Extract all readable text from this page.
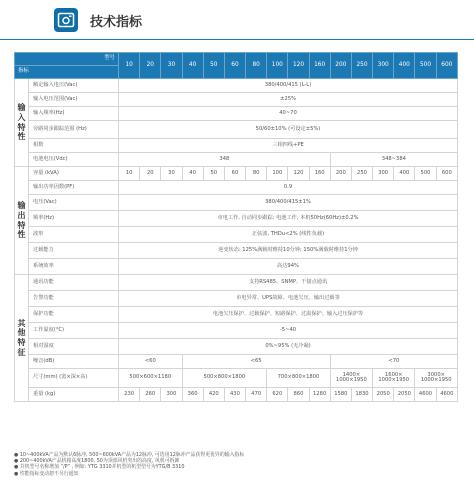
技术指标
型号		10	20	30	40	50	60	80	100	120	160	200	250	300	400	500	600
指标																	
输入特性	额定输入电压(Vac)	380/400/415 (L-L)															
	输入电压范围(Vac)	±25%															
	输入频率(Hz)	40~70															
	旁路同步跟踪范围 (Hz)	50/60±10% (可设定±5%)															
	相数	三相四线+PE															
	电池电压(Vdc)	348										348~384					
输出特性	容量 (kVA)	10	20	30	40	50	60	80	100	120	160	200	250	300	400	500	600
	输出功率因数(PF)	0.9															
	电压(Vac)	380/400/415±1%															
	频率(Hz)	市电工作, 自动同步跟踪; 电池工作, 本机50Hz(60Hz)±0.2%															
	波形	正弦波, THDu<2% (线性负载)															
	过载能力	逆变状态: 125%满载时维持10分钟; 150%满载时维持1分钟															
	系统效率	高达94%															
其他特征	通讯功能	支持RS485、SNMP、干接点通讯															
	告警功能	市电异常、UPS故障、电池欠压、输出过载等															
	保护功能	电池欠压保护、过载保护、短路保护、过温保护、输入过压保护等															
	工作温度(°C)	-5~40															
	相对湿度	0%~95% (无冷凝)															
	噪音(dB)	<60			<65							<70					
	尺寸(mm) (宽×深×高)	500×600×1180			500×800×1800				700×800×1800			1400× 1000×1950		1600× 1000×1950		3000× 1000×1950	
	重量 (kg)	230	260	300	360	420	430	470	620	860	1280	1580	1830	2050	2050	4600	4600
● 10~400kVA产品为默认6脉冲, 500~600kVA产品为12脉冲, 可选用12脉冲产品获得更优异的输入指标
● 200~400kVA产品机箱高度1800, 50为顶部风机突出的高度, 风机可拆卸
● 并机型号名称增加 “/P” , 例如: YTG 3310并机型的机型型号为YTG/B 3310
● 性能指标变动恕不另行通知
